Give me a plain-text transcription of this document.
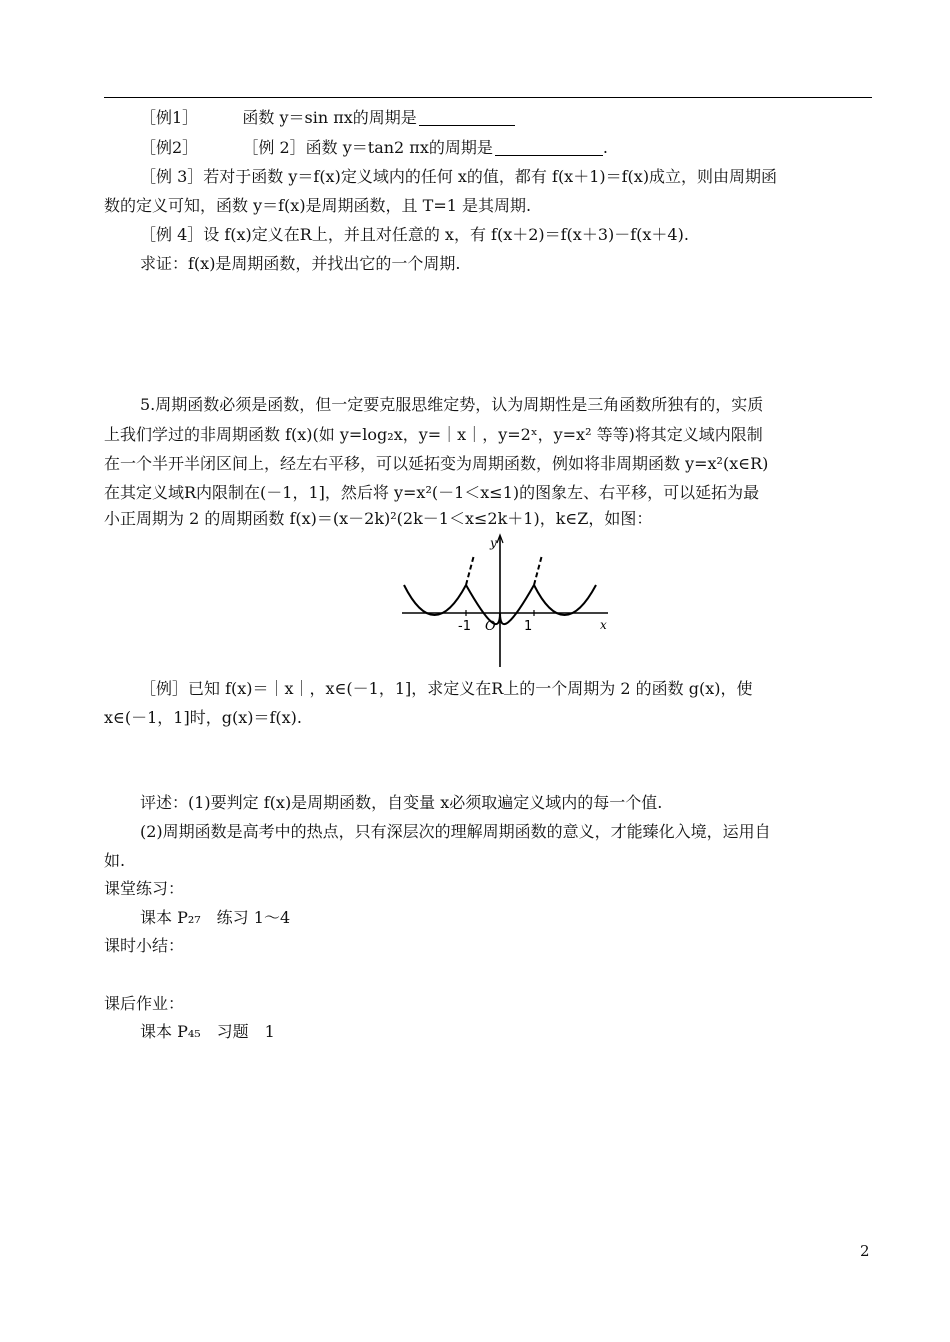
［例1］	函数 y＝sin πx的周期是
［例2］	［例 2］函数 y＝tan2 πx的周期是	.
［例 3］若对于函数 y＝f(x)定义域内的任何 x的值，都有 f(x＋1)＝f(x)成立，则由周期函
数的定义可知，函数 y＝f(x)是周期函数，且 T=1 是其周期.
［例 4］设 f(x)定义在R上，并且对任意的 x，有 f(x＋2)＝f(x＋3)－f(x＋4).
求证：f(x)是周期函数，并找出它的一个周期.
5.周期函数必须是函数，但一定要克服思维定势，认为周期性是三角函数所独有的，实质
上我们学过的非周期函数 f(x)(如 y=log₂x，y=｜x｜，y=2ˣ，y=x² 等等)将其定义域内限制
在一个半开半闭区间上，经左右平移，可以延拓变为周期函数，例如将非周期函数 y=x²(x∈R)
在其定义域R内限制在(－1，1]，然后将 y=x²(－1＜x≤1)的图象左、右平移，可以延拓为最
小正周期为 2 的周期函数 f(x)＝(x－2k)²(2k－1＜x≤2k＋1)，k∈Z，如图：
y
x
-1 O 1
［例］已知 f(x)＝｜x｜，x∈(－1，1]，求定义在R上的一个周期为 2 的函数 g(x)，使
x∈(－1，1]时，g(x)＝f(x).
评述：(1)要判定 f(x)是周期函数，自变量 x必须取遍定义域内的每一个值.
(2)周期函数是高考中的热点，只有深层次的理解周期函数的意义，才能臻化入境，运用自
如.
课堂练习：
课本 P₂₇　练习 1～4
课时小结：
课后作业：
课本 P₄₅　习题　1
2
